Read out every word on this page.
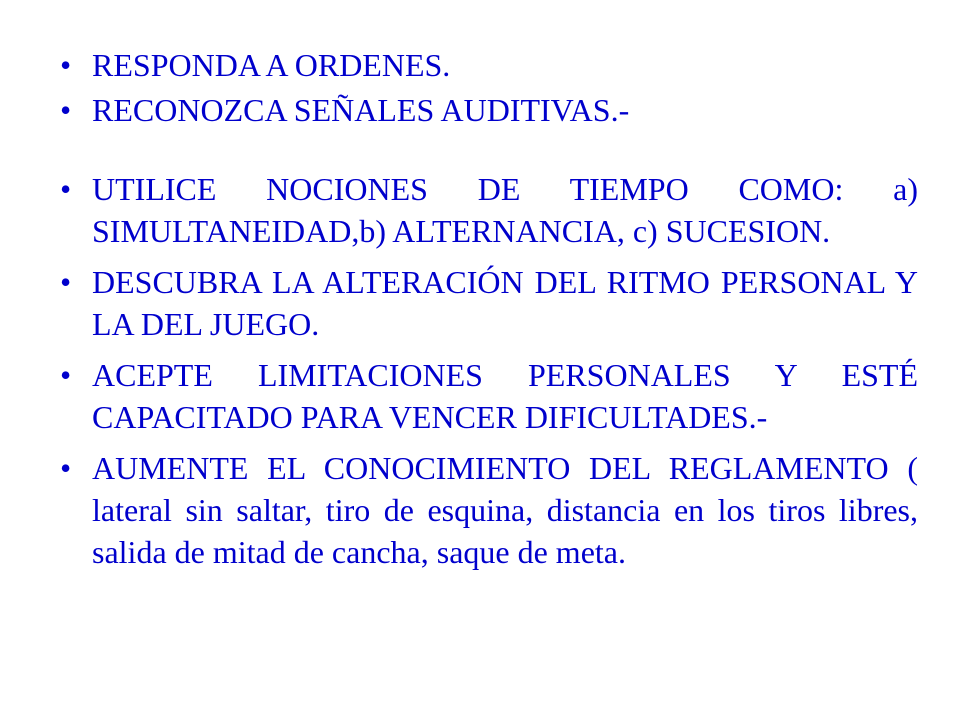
• RESPONDA A ORDENES.
• RECONOZCA SEÑALES AUDITIVAS.-
• UTILICE NOCIONES DE TIEMPO COMO: a) SIMULTANEIDAD,b) ALTERNANCIA, c) SUCESION.
• DESCUBRA LA ALTERACIÓN DEL RITMO PERSONAL Y LA DEL JUEGO.
• ACEPTE LIMITACIONES PERSONALES Y ESTÉ CAPACITADO PARA VENCER DIFICULTADES.-
• AUMENTE EL CONOCIMIENTO DEL REGLAMENTO ( lateral sin saltar, tiro de esquina, distancia en los tiros libres, salida de mitad de cancha, saque de meta.
